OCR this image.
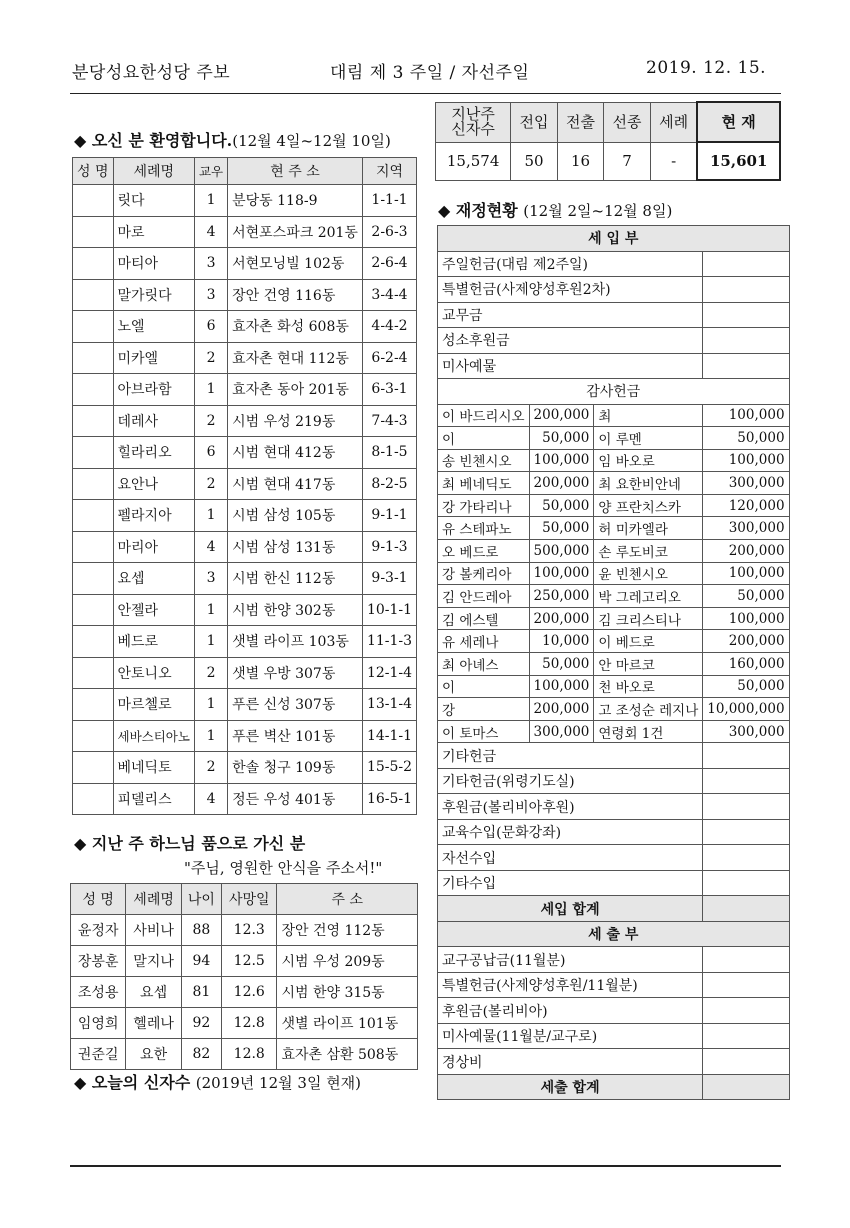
분당성요한성당 주보	대림 제 3 주일 / 자선주일	2019. 12. 15.
지난주
신자수	전입	전출	선종	세례	현 재
15,574	50	16	7	-	15,601
◆ 오신 분 환영합니다.(12월 4일~12월 10일)
성 명	세례명	교우	현 주 소	지역
	릿다	1	분당동 118-9	1-1-1
	마로	4	서현포스파크 201동	2-6-3
	마티아	3	서현모닝빌 102동	2-6-4
	말가릿다	3	장안 건영 116동	3-4-4
	노엘	6	효자촌 화성 608동	4-4-2
	미카엘	2	효자촌 현대 112동	6-2-4
	아브라함	1	효자촌 동아 201동	6-3-1
	데레사	2	시범 우성 219동	7-4-3
	힐라리오	6	시범 현대 412동	8-1-5
	요안나	2	시범 현대 417동	8-2-5
	펠라지아	1	시범 삼성 105동	9-1-1
	마리아	4	시범 삼성 131동	9-1-3
	요셉	3	시범 한신 112동	9-3-1
	안젤라	1	시범 한양 302동	10-1-1
	베드로	1	샛별 라이프 103동	11-1-3
	안토니오	2	샛별 우방 307동	12-1-4
	마르첼로	1	푸른 신성 307동	13-1-4
	세바스티아노	1	푸른 벽산 101동	14-1-1
	베네딕토	2	한솔 청구 109동	15-5-2
	피델리스	4	정든 우성 401동	16-5-1
◆ 지난 주 하느님 품으로 가신 분
"주님, 영원한 안식을 주소서!"
성 명	세례명	나이	사망일	주 소
윤정자	사비나	88	12.3	장안 건영 112동
장봉훈	말지나	94	12.5	시범 우성 209동
조성용	요셉	81	12.6	시범 한양 315동
임영희	헬레나	92	12.8	샛별 라이프 101동
권준길	요한	82	12.8	효자촌 삼환 508동
◆ 오늘의 신자수 (2019년 12월 3일 현재)
◆ 재정현황 (12월 2일~12월 8일)
세 입 부			
주일헌금(대림 제2주일)			
특별헌금(사제양성후원2차)			
교무금			
성소후원금			
미사예물			
감사헌금			
이 바드리시오	200,000	최	100,000
이	50,000	이 루멘	50,000
송 빈첸시오	100,000	임 바오로	100,000
최 베네딕도	200,000	최 요한비안네	300,000
강 가타리나	50,000	양 프란치스카	120,000
유 스테파노	50,000	허 미카엘라	300,000
오 베드로	500,000	손 루도비코	200,000
강 볼케리아	100,000	윤 빈첸시오	100,000
김 안드레아	250,000	박 그레고리오	50,000
김 에스텔	200,000	김 크리스티나	100,000
유 세레나	10,000	이 베드로	200,000
최 아녜스	50,000	안 마르코	160,000
이	100,000	천 바오로	50,000
강	200,000	고 조성순 레지나	10,000,000
이 토마스	300,000	연령회 1건	300,000
기타헌금			
기타헌금(위령기도실)			
후원금(볼리비아후원)			
교육수입(문화강좌)			
자선수입			
기타수입			
세입 합계			
세 출 부			
교구공납금(11월분)			
특별헌금(사제양성후원/11월분)			
후원금(볼리비아)			
미사예물(11월분/교구로)			
경상비			
세출 합계			
